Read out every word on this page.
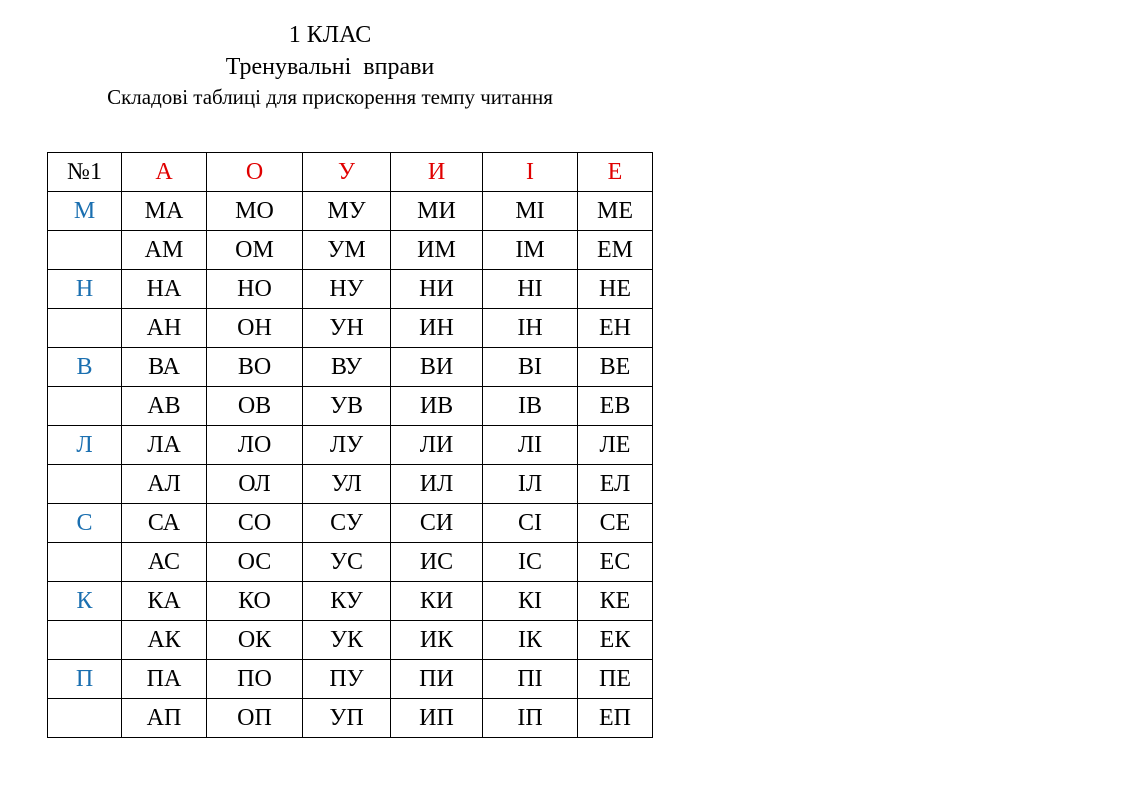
1 КЛАС
Тренувальні  вправи
Складові таблиці для прискорення темпу читання
№1	А	О	У	И	І	Е
М	МА	МО	МУ	МИ	МІ	МЕ
	АМ	ОМ	УМ	ИМ	ІМ	ЕМ
Н	НА	НО	НУ	НИ	НІ	НЕ
	АН	ОН	УН	ИН	ІН	ЕН
В	ВА	ВО	ВУ	ВИ	ВІ	ВЕ
	АВ	ОВ	УВ	ИВ	ІВ	ЕВ
Л	ЛА	ЛО	ЛУ	ЛИ	ЛІ	ЛЕ
	АЛ	ОЛ	УЛ	ИЛ	ІЛ	ЕЛ
С	СА	СО	СУ	СИ	СІ	СЕ
	АС	ОС	УС	ИС	ІС	ЕС
К	КА	КО	КУ	КИ	КІ	КЕ
	АК	ОК	УК	ИК	ІК	ЕК
П	ПА	ПО	ПУ	ПИ	ПІ	ПЕ
	АП	ОП	УП	ИП	ІП	ЕП
